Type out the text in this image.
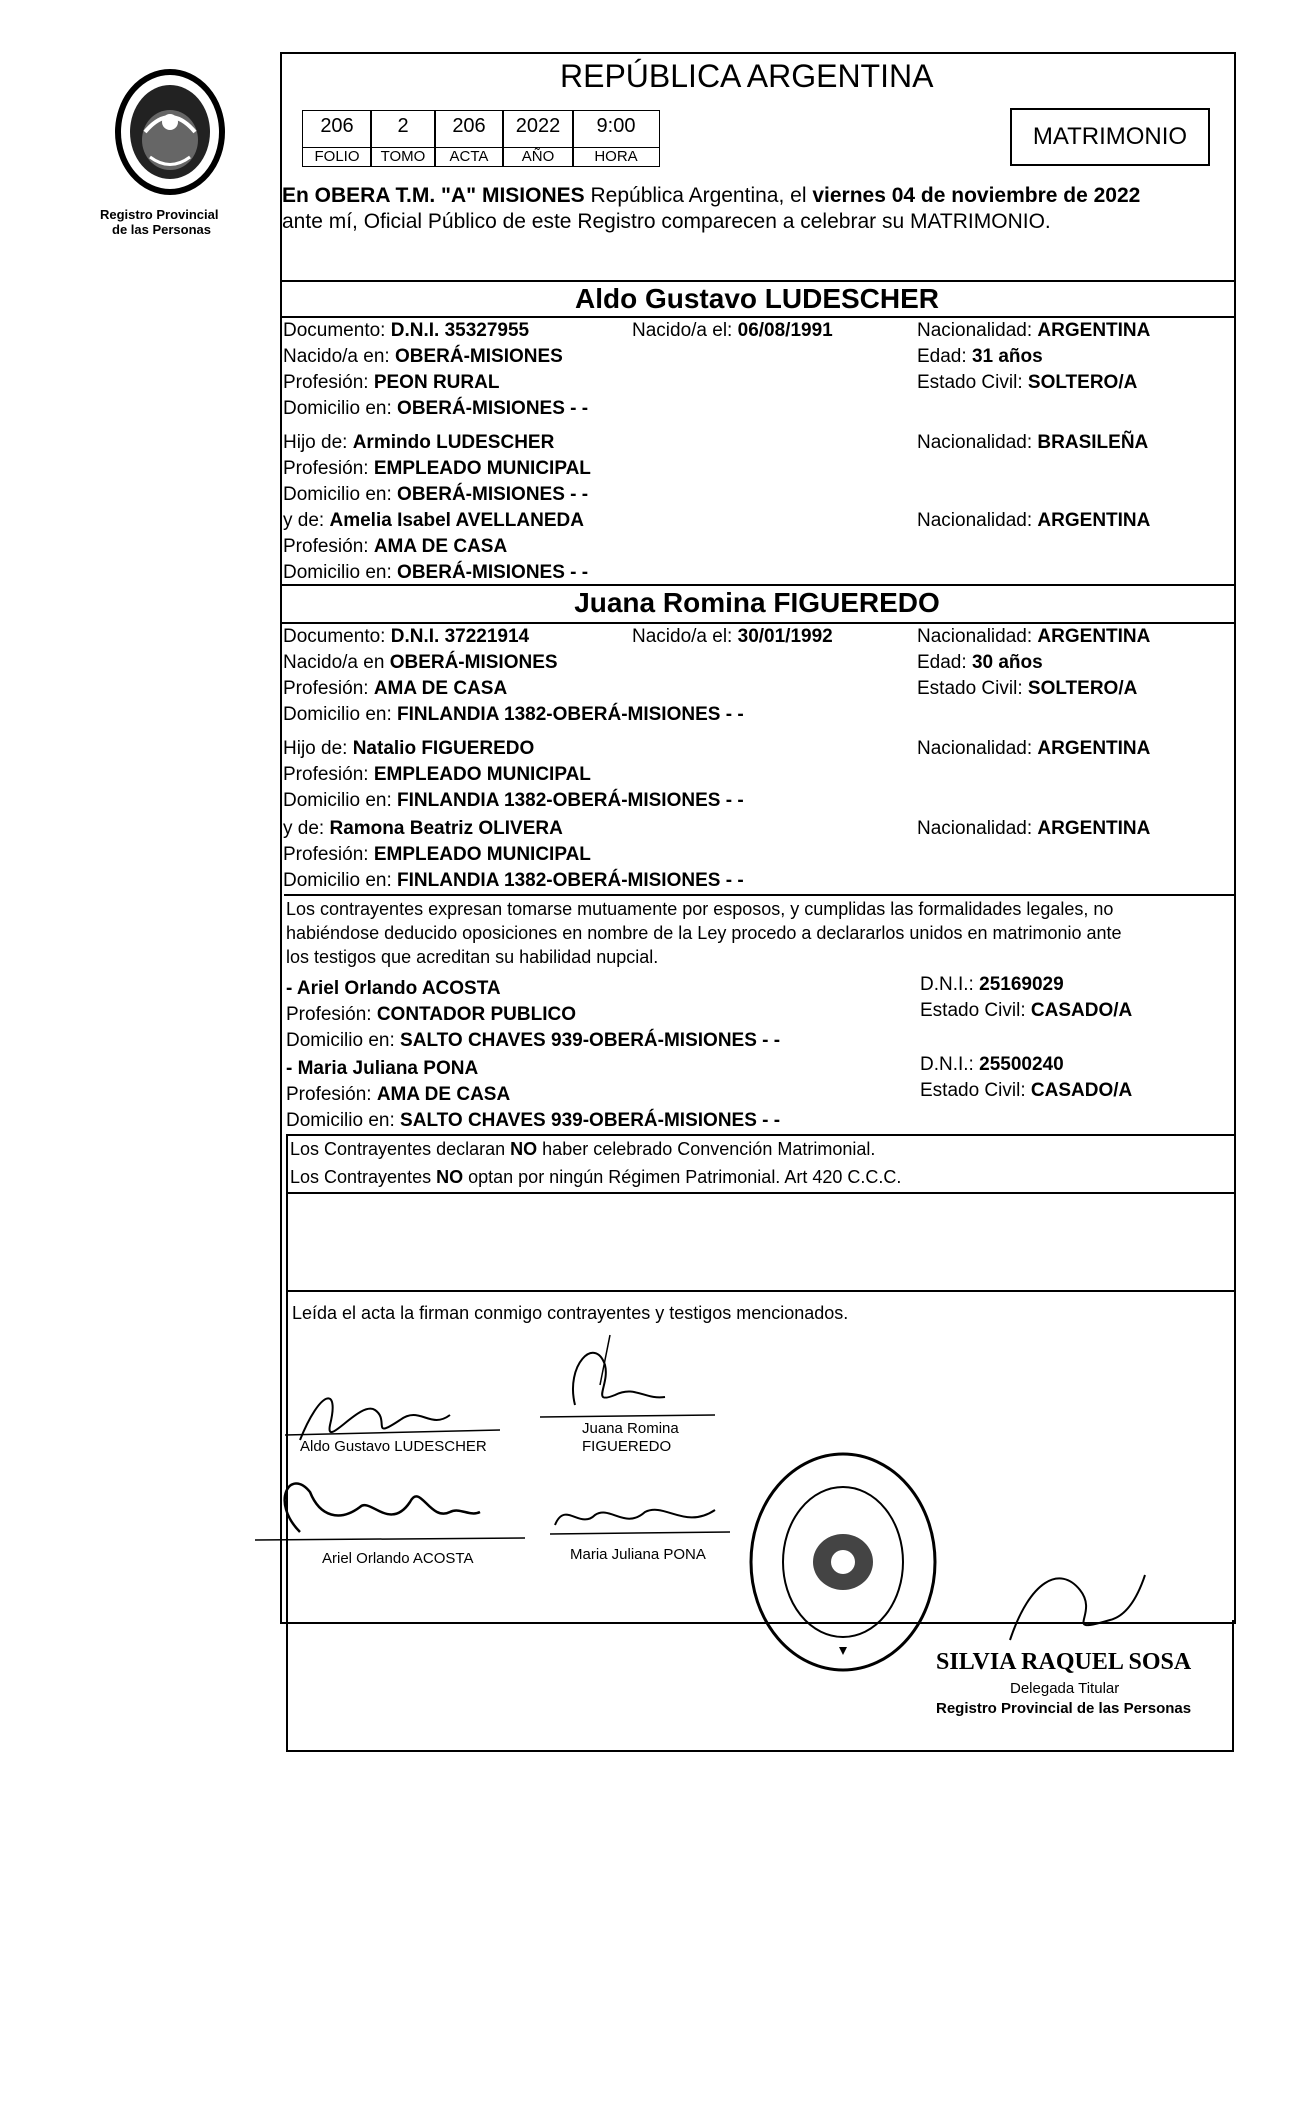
Registro Provincial
de las Personas
REPÚBLICA ARGENTINA
206	2	206	2022	9:00
FOLIO	TOMO	ACTA	AÑO	HORA
MATRIMONIO
En OBERA T.M. "A" MISIONES República Argentina, el viernes 04 de noviembre de 2022
ante mí, Oficial Público de este Registro comparecen a celebrar su MATRIMONIO.
Aldo Gustavo LUDESCHER
Documento: D.N.I. 35327955	Nacido/a el: 06/08/1991	Nacionalidad: ARGENTINA
Nacido/a en: OBERÁ-MISIONES	Edad: 31 años
Profesión: PEON RURAL	Estado Civil: SOLTERO/A
Domicilio en: OBERÁ-MISIONES - -
Hijo de: Armindo LUDESCHER	Nacionalidad: BRASILEÑA
Profesión: EMPLEADO MUNICIPAL
Domicilio en: OBERÁ-MISIONES - -
y de: Amelia Isabel AVELLANEDA	Nacionalidad: ARGENTINA
Profesión: AMA DE CASA
Domicilio en: OBERÁ-MISIONES - -
Juana Romina FIGUEREDO
Documento: D.N.I. 37221914	Nacido/a el: 30/01/1992	Nacionalidad: ARGENTINA
Nacido/a en OBERÁ-MISIONES	Edad: 30 años
Profesión: AMA DE CASA	Estado Civil: SOLTERO/A
Domicilio en: FINLANDIA 1382-OBERÁ-MISIONES - -
Hijo de: Natalio FIGUEREDO	Nacionalidad: ARGENTINA
Profesión: EMPLEADO MUNICIPAL
Domicilio en: FINLANDIA 1382-OBERÁ-MISIONES - -
y de: Ramona Beatriz OLIVERA	Nacionalidad: ARGENTINA
Profesión: EMPLEADO MUNICIPAL
Domicilio en: FINLANDIA 1382-OBERÁ-MISIONES - -
Los contrayentes expresan tomarse mutuamente por esposos, y cumplidas las formalidades legales, no
habiéndose deducido oposiciones en nombre de la Ley procedo a declararlos unidos en matrimonio ante
los testigos que acreditan su habilidad nupcial.
- Ariel Orlando ACOSTA	D.N.I.: 25169029
Profesión: CONTADOR PUBLICO	Estado Civil: CASADO/A
Domicilio en: SALTO CHAVES 939-OBERÁ-MISIONES - -
- Maria Juliana PONA	D.N.I.: 25500240
Profesión: AMA DE CASA	Estado Civil: CASADO/A
Domicilio en: SALTO CHAVES 939-OBERÁ-MISIONES - -
Los Contrayentes declaran NO haber celebrado Convención Matrimonial.
Los Contrayentes NO optan por ningún Régimen Patrimonial. Art 420 C.C.C.
Leída el acta la firman conmigo contrayentes y testigos mencionados.
Aldo Gustavo LUDESCHER
Juana Romina
FIGUEREDO
Ariel Orlando ACOSTA	Maria Juliana PONA
SILVIA RAQUEL SOSA
Delegada Titular
Registro Provincial de las Personas
